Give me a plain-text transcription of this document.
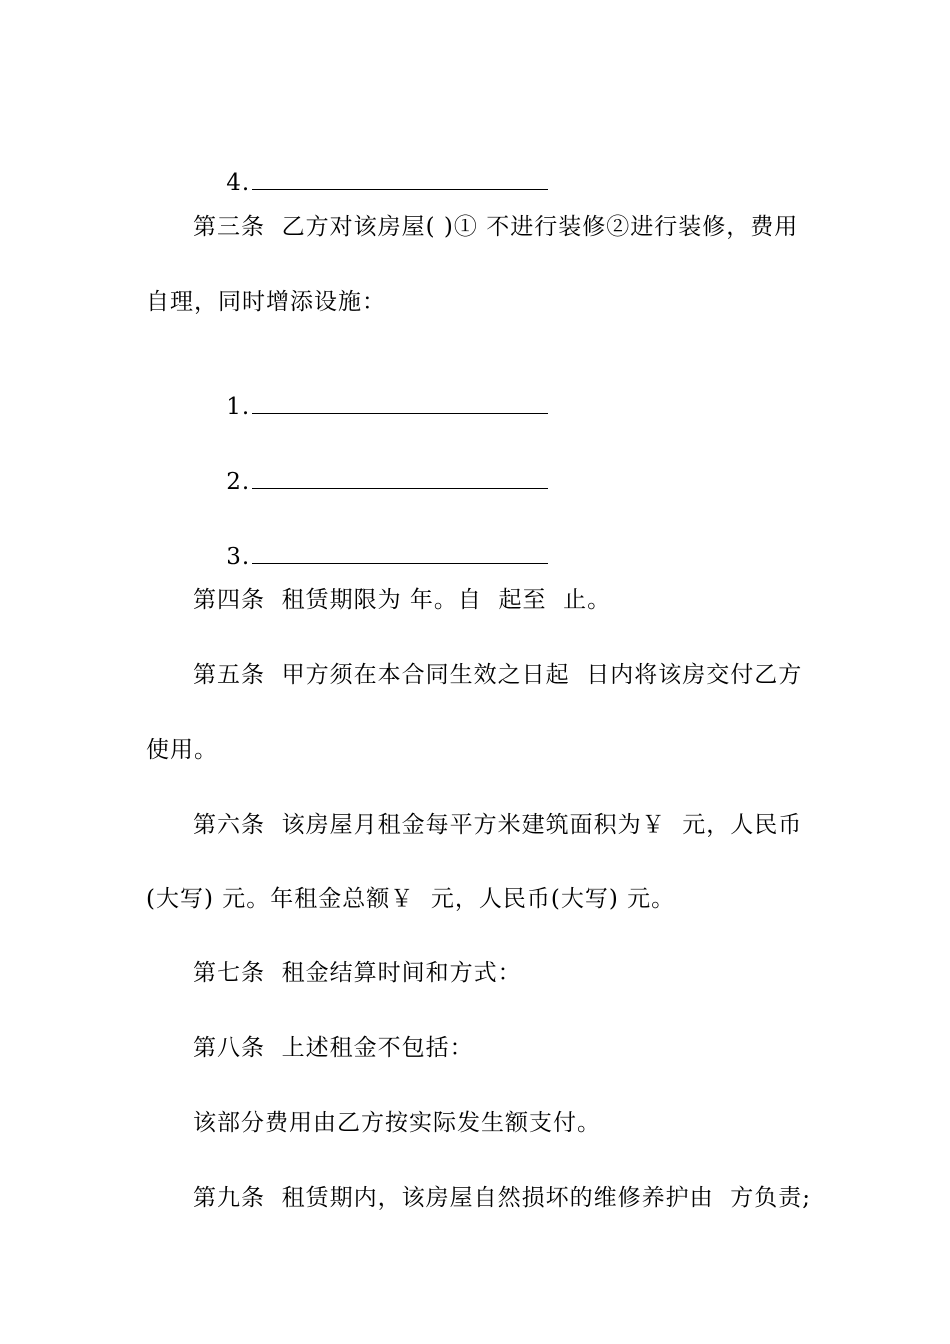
4.

第三条  乙方对该房屋( )① 不进行装修②进行装修，费用
自理，同时增添设施：

1.

2.

3.

第四条  租赁期限为 年。自  起至  止。
第五条  甲方须在本合同生效之日起  日内将该房交付乙方
使用。
第六条  该房屋月租金每平方米建筑面积为￥  元，人民币
(大写) 元。年租金总额￥  元，人民币(大写) 元。
第七条  租金结算时间和方式：
第八条  上述租金不包括：
该部分费用由乙方按实际发生额支付。
第九条  租赁期内，该房屋自然损坏的维修养护由  方负责;
